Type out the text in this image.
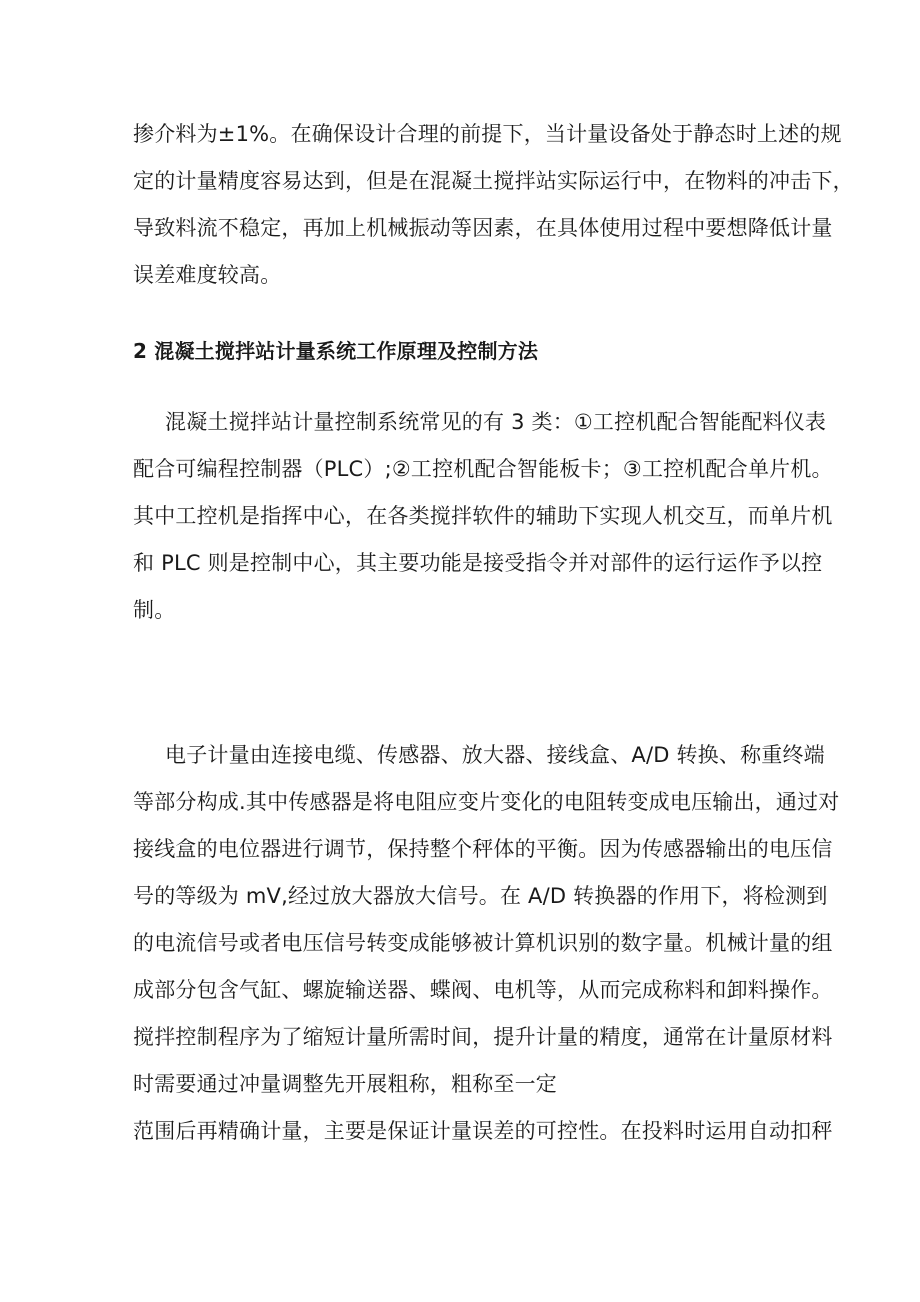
掺介料为±1%。在确保设计合理的前提下，当计量设备处于静态时上述的规
定的计量精度容易达到，但是在混凝土搅拌站实际运行中，在物料的冲击下，
导致料流不稳定，再加上机械振动等因素，在具体使用过程中要想降低计量
误差难度较高。
2 混凝土搅拌站计量系统工作原理及控制方法
混凝土搅拌站计量控制系统常见的有 3 类：①工控机配合智能配料仪表
配合可编程控制器（PLC）;②工控机配合智能板卡；③工控机配合单片机。
其中工控机是指挥中心，在各类搅拌软件的辅助下实现人机交互，而单片机
和 PLC 则是控制中心，其主要功能是接受指令并对部件的运行运作予以控
制。
电子计量由连接电缆、传感器、放大器、接线盒、A/D 转换、称重终端
等部分构成.其中传感器是将电阻应变片变化的电阻转变成电压输出，通过对
接线盒的电位器进行调节，保持整个秤体的平衡。因为传感器输出的电压信
号的等级为 mV,经过放大器放大信号。在 A/D 转换器的作用下，将检测到
的电流信号或者电压信号转变成能够被计算机识别的数字量。机械计量的组
成部分包含气缸、螺旋输送器、蝶阀、电机等，从而完成称料和卸料操作。
搅拌控制程序为了缩短计量所需时间，提升计量的精度，通常在计量原材料
时需要通过冲量调整先开展粗称，粗称至一定
范围后再精确计量，主要是保证计量误差的可控性。在投料时运用自动扣秤
